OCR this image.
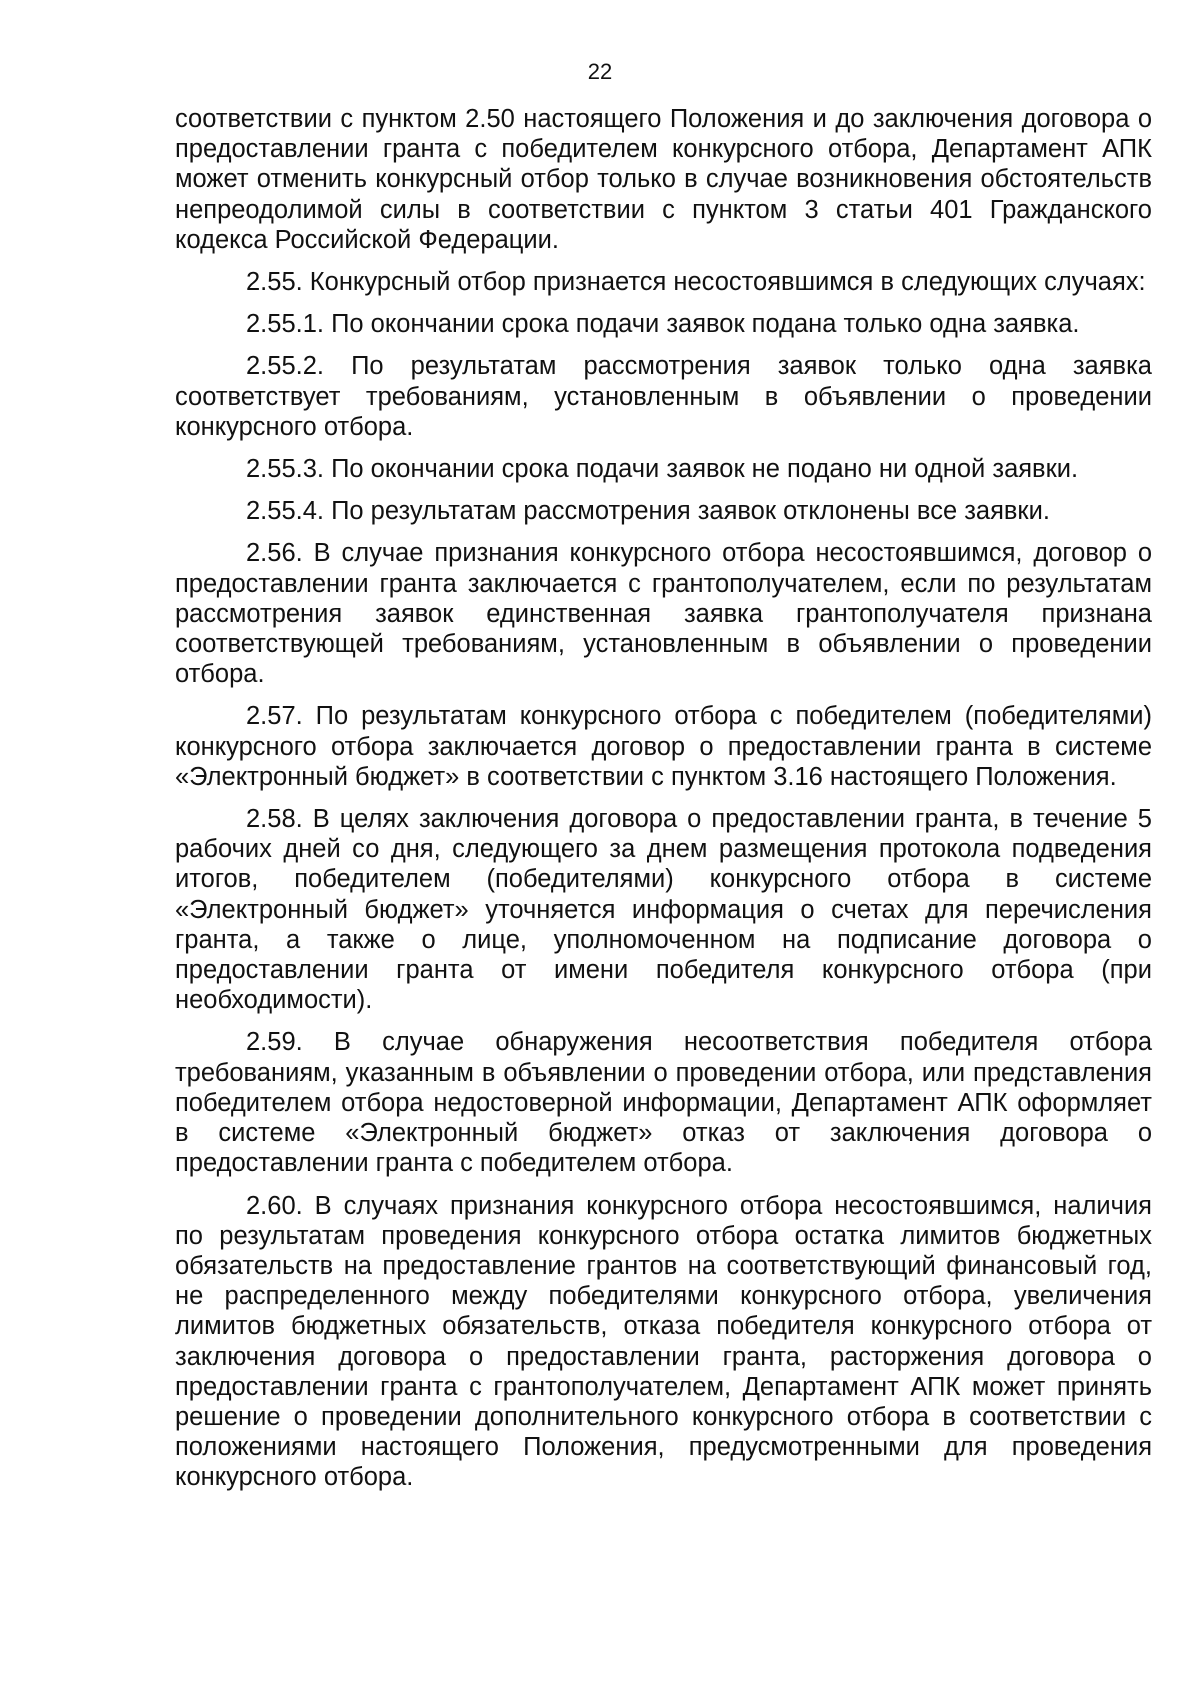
22

соответствии с пунктом 2.50 настоящего Положения и до заключения договора о предоставлении гранта с победителем конкурсного отбора, Департамент АПК может отменить конкурсный отбор только в случае возникновения обстоятельств непреодолимой силы в соответствии с пунктом 3 статьи 401 Гражданского кодекса Российской Федерации.

2.55. Конкурсный отбор признается несостоявшимся в следующих случаях:

2.55.1. По окончании срока подачи заявок подана только одна заявка.

2.55.2. По результатам рассмотрения заявок только одна заявка соответствует требованиям, установленным в объявлении о проведении конкурсного отбора.

2.55.3. По окончании срока подачи заявок не подано ни одной заявки.

2.55.4. По результатам рассмотрения заявок отклонены все заявки.

2.56. В случае признания конкурсного отбора несостоявшимся, договор о предоставлении гранта заключается с грантополучателем, если по результатам рассмотрения заявок единственная заявка грантополучателя признана соответствующей требованиям, установленным в объявлении о проведении отбора.

2.57. По результатам конкурсного отбора с победителем (победителями) конкурсного отбора заключается договор о предоставлении гранта в системе «Электронный бюджет» в соответствии с пунктом 3.16 настоящего Положения.

2.58. В целях заключения договора о предоставлении гранта, в течение 5 рабочих дней со дня, следующего за днем размещения протокола подведения итогов, победителем (победителями) конкурсного отбора в системе «Электронный бюджет» уточняется информация о счетах для перечисления гранта, а также о лице, уполномоченном на подписание договора о предоставлении гранта от имени победителя конкурсного отбора (при необходимости).

2.59. В случае обнаружения несоответствия победителя отбора требованиям, указанным в объявлении о проведении отбора, или представления победителем отбора недостоверной информации, Департамент АПК оформляет в системе «Электронный бюджет» отказ от заключения договора о предоставлении гранта с победителем отбора.

2.60. В случаях признания конкурсного отбора несостоявшимся, наличия по результатам проведения конкурсного отбора остатка лимитов бюджетных обязательств на предоставление грантов на соответствующий финансовый год, не распределенного между победителями конкурсного отбора, увеличения лимитов бюджетных обязательств, отказа победителя конкурсного отбора от заключения договора о предоставлении гранта, расторжения договора о предоставлении гранта с грантополучателем, Департамент АПК может принять решение о проведении дополнительного конкурсного отбора в соответствии с положениями настоящего Положения, предусмотренными для проведения конкурсного отбора.
